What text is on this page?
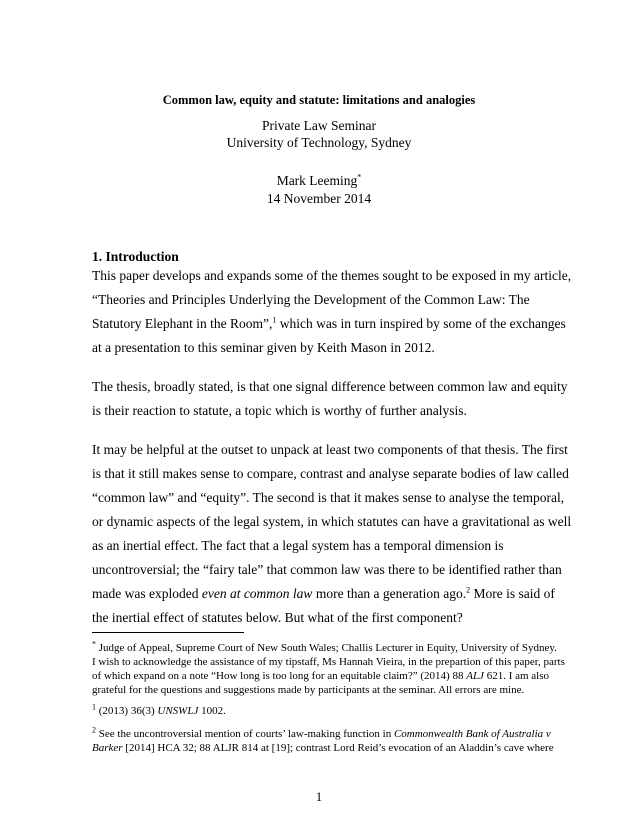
Common law, equity and statute: limitations and analogies
Private Law Seminar
University of Technology, Sydney
Mark Leeming*
14 November 2014
1. Introduction
This paper develops and expands some of the themes sought to be exposed in my article,
“Theories and Principles Underlying the Development of the Common Law: The
Statutory Elephant in the Room”,$^1$ which was in turn inspired by some of the exchanges
at a presentation to this seminar given by Keith Mason in 2012.
The thesis, broadly stated, is that one signal difference between common law and equity
is their reaction to statute, a topic which is worthy of further analysis.
It may be helpful at the outset to unpack at least two components of that thesis. The first
is that it still makes sense to compare, contrast and analyse separate bodies of law called
“common law” and “equity”. The second is that it makes sense to analyse the temporal,
or dynamic aspects of the legal system, in which statutes can have a gravitational as well
as an inertial effect. The fact that a legal system has a temporal dimension is
uncontroversial; the “fairy tale” that common law was there to be identified rather than
made was exploded even at common law more than a generation ago.$^2$ More is said of
the inertial effect of statutes below. But what of the first component?
* Judge of Appeal, Supreme Court of New South Wales; Challis Lecturer in Equity, University of Sydney.
I wish to acknowledge the assistance of my tipstaff, Ms Hannah Vieira, in the prepartion of this paper, parts
of which expand on a note “How long is too long for an equitable claim?” (2014) 88 ALJ 621. I am also
grateful for the questions and suggestions made by participants at the seminar. All errors are mine.
$^1$ (2013) 36(3) UNSWLJ 1002.
$^2$ See the uncontroversial mention of courts’ law-making function in Commonwealth Bank of Australia v
Barker [2014] HCA 32; 88 ALJR 814 at [19]; contrast Lord Reid’s evocation of an Aladdin’s cave where
1
